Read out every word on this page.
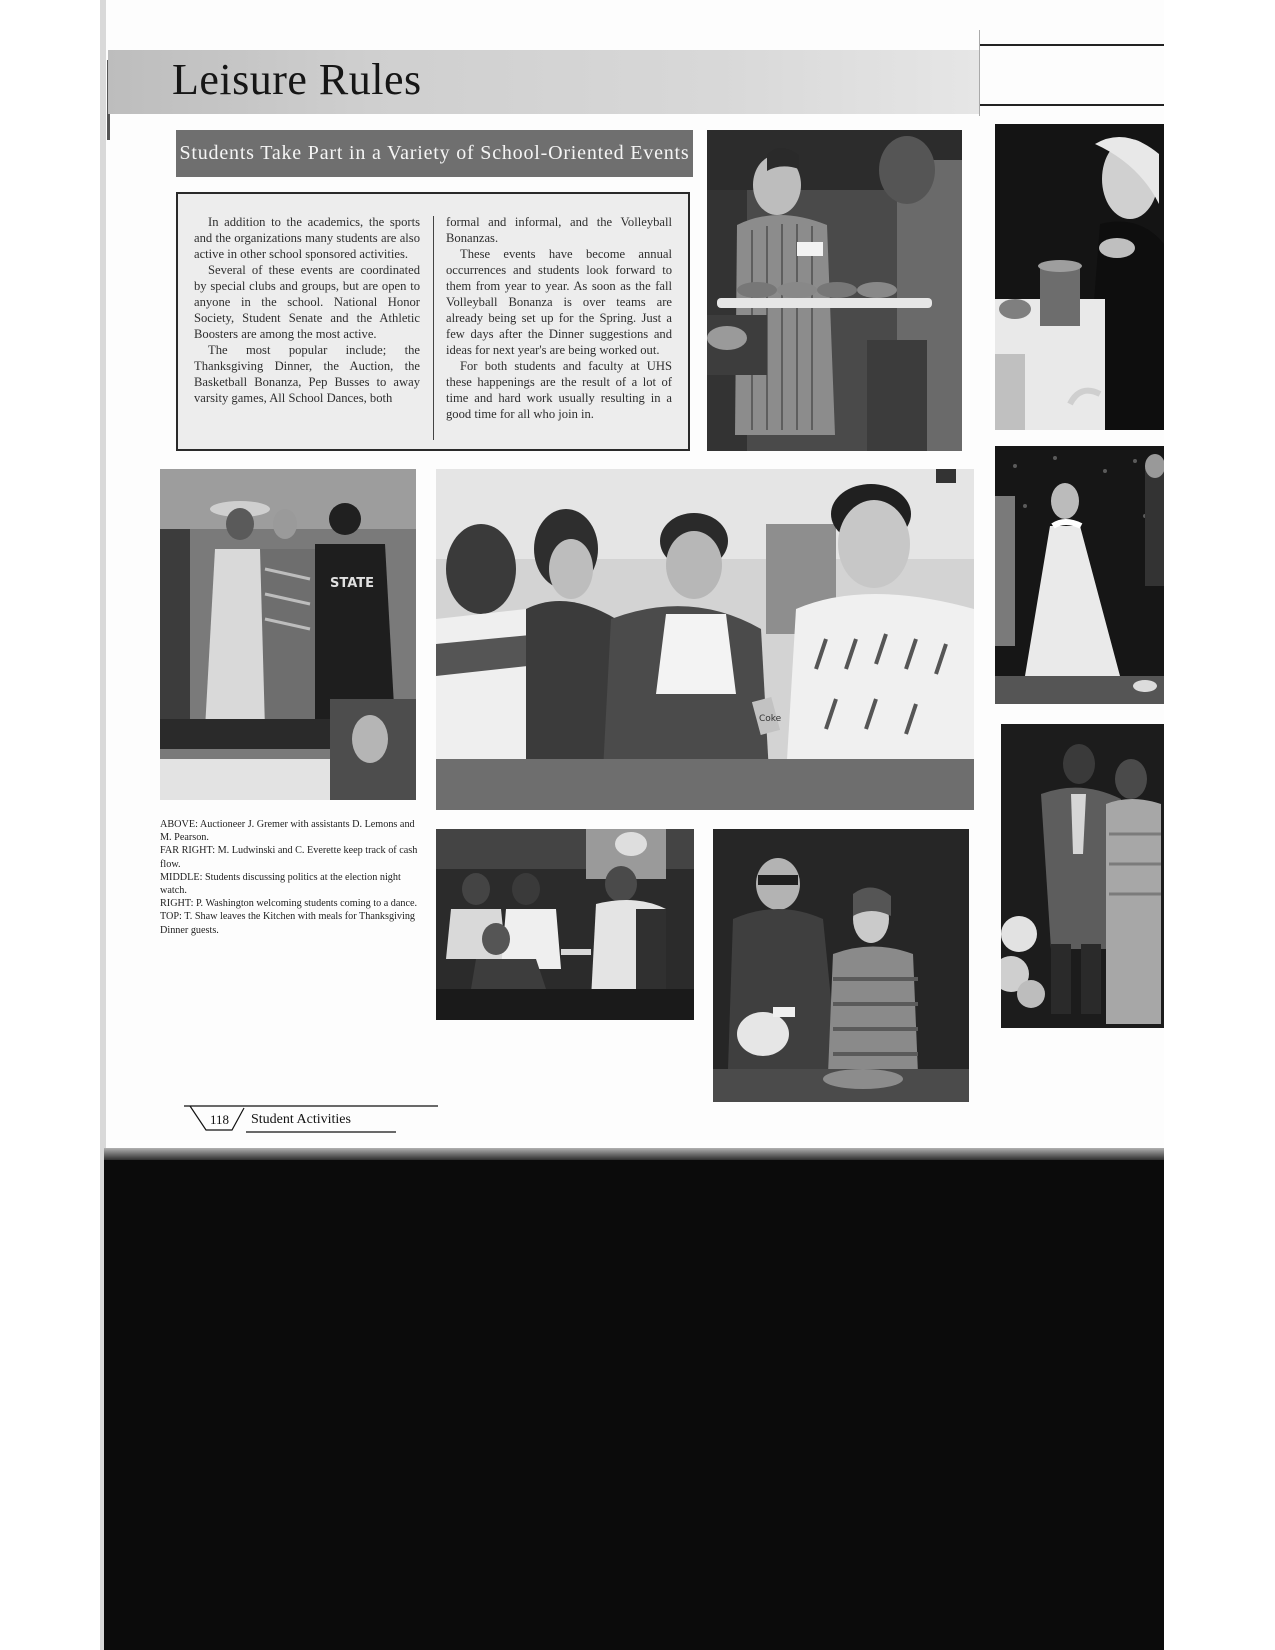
Leisure Rules
Students Take Part in a Variety of School-Oriented Events

In addition to the academics, the sports and the organizations many students are also active in other school sponsored activities.

Several of these events are coordinated by special clubs and groups, but are open to anyone in the school. National Honor Society, Student Senate and the Athletic Boosters are among the most active.

The most popular include; the Thanksgiving Dinner, the Auction, the Basketball Bonanza, Pep Busses to away varsity games, All School Dances, both

formal and informal, and the Volleyball Bonanzas.

These events have become annual occurrences and students look forward to them from year to year. As soon as the fall Volleyball Bonanza is over teams are already being set up for the Spring. Just a few days after the Dinner suggestions and ideas for next year's are being worked out.

For both students and faculty at UHS these happenings are the result of a lot of time and hard work usually resulting in a good time for all who join in.

STATE
Coke
ABOVE: Auctioneer J. Gremer with assistants D. Lemons and M. Pearson.
FAR RIGHT: M. Ludwinski and C. Everette keep track of cash flow.
MIDDLE: Students discussing politics at the election night watch.
RIGHT: P. Washington welcoming students coming to a dance.
TOP: T. Shaw leaves the Kitchen with meals for Thanksgiving Dinner guests.
118 Student Activities
